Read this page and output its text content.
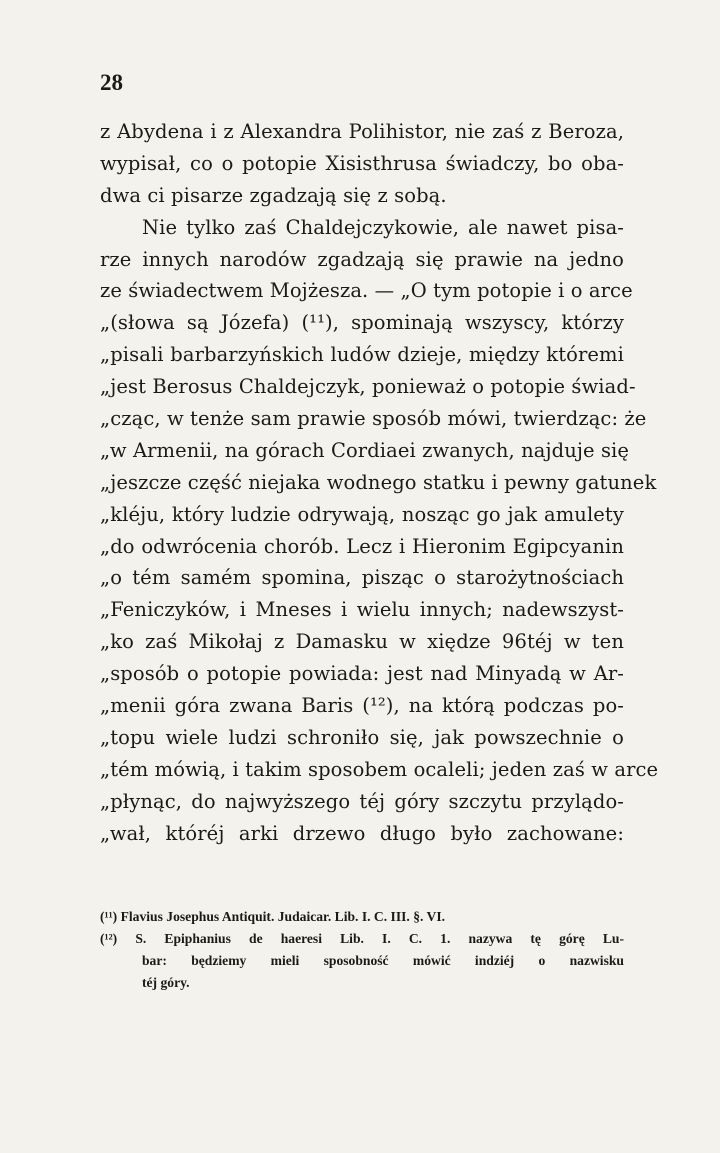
28
z Abydena i z Alexandra Polihistor, nie zaś z Beroza,
wypisał, co o potopie Xisisthrusa świadczy, bo oba-
dwa ci pisarze zgadzają się z sobą.
Nie tylko zaś Chaldejczykowie, ale nawet pisa-
rze innych narodów zgadzają się prawie na jedno
ze świadectwem Mojżesza. — „O tym potopie i o arce
„(słowa są Józefa) (¹¹), spominają wszyscy, którzy
„pisali barbarzyńskich ludów dzieje, między któremi
„jest Berosus Chaldejczyk, ponieważ o potopie świad-
„cząc, w tenże sam prawie sposób mówi, twierdząc: że
„w Armenii, na górach Cordiaei zwanych, najduje się
„jeszcze część niejaka wodnego statku i pewny gatunek
„kléju, który ludzie odrywają, nosząc go jak amulety
„do odwrócenia chorób. Lecz i Hieronim Egipcyanin
„o tém samém spomina, pisząc o starożytnościach
„Feniczyków, i Mneses i wielu innych; nadewszyst-
„ko zaś Mikołaj z Damasku w xiędze 96téj w ten
„sposób o potopie powiada: jest nad Minyadą w Ar-
„menii góra zwana Baris (¹²), na którą podczas po-
„topu wiele ludzi schroniło się, jak powszechnie o
„tém mówią, i takim sposobem ocaleli; jeden zaś w arce
„płynąc, do najwyższego téj góry szczytu przylądo-
„wał, któréj arki drzewo długo było zachowane:
(¹¹) Flavius Josephus Antiquit. Judaicar. Lib. I. C. III. §. VI.
(¹²) S. Epiphanius de haeresi Lib. I. C. 1. nazywa tę górę Lu-
bar: będziemy mieli sposobność mówić indziéj o nazwisku
téj góry.
